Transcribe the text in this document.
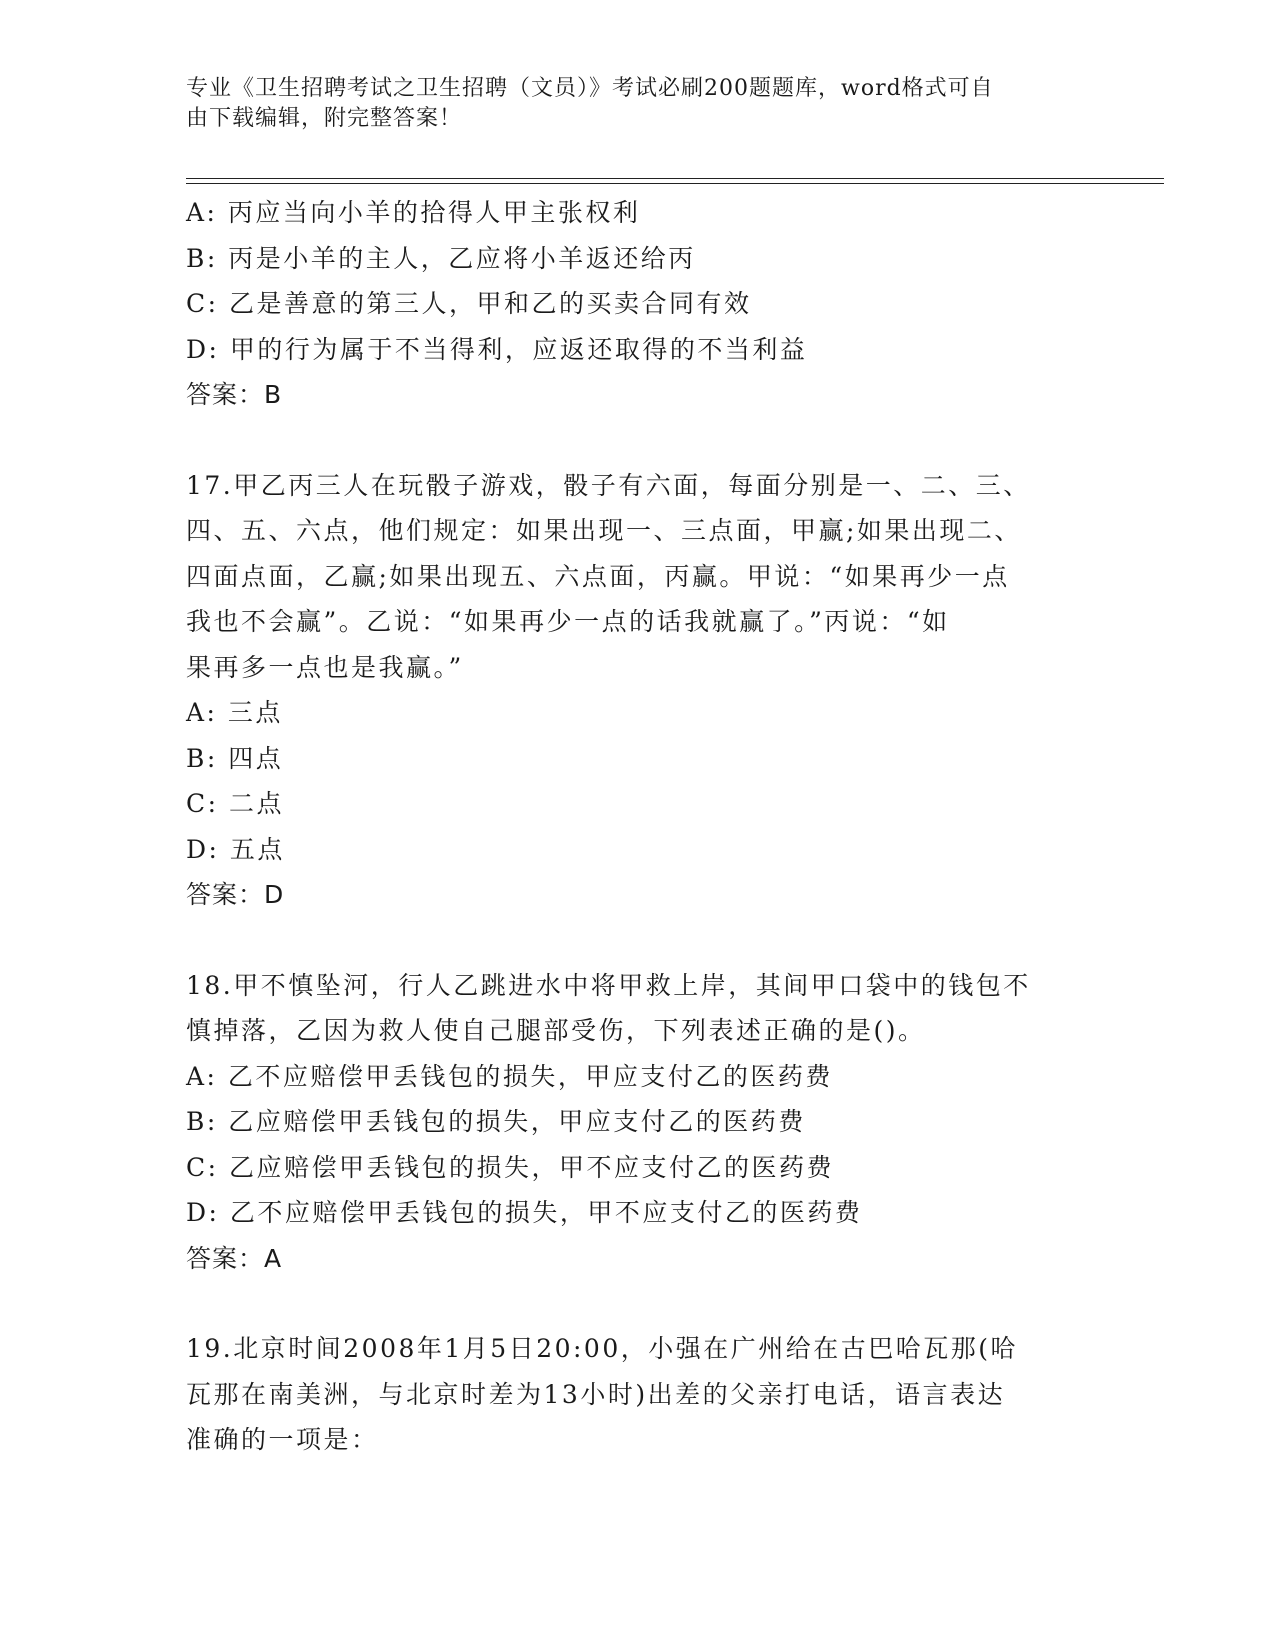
专业《卫生招聘考试之卫生招聘（文员）》考试必刷200题题库，word格式可自
由下载编辑，附完整答案！
A: 丙应当向小羊的拾得人甲主张权利
B: 丙是小羊的主人，乙应将小羊返还给丙
C: 乙是善意的第三人，甲和乙的买卖合同有效
D: 甲的行为属于不当得利，应返还取得的不当利益
答案：B
17.甲乙丙三人在玩骰子游戏，骰子有六面，每面分别是一、二、三、
四、五、六点，他们规定：如果出现一、三点面，甲赢;如果出现二、
四面点面，乙赢;如果出现五、六点面，丙赢。甲说：“如果再少一点
我也不会赢”。乙说：“如果再少一点的话我就赢了。”丙说：“如
果再多一点也是我赢。”
A: 三点
B: 四点
C: 二点
D: 五点
答案：D
18.甲不慎坠河，行人乙跳进水中将甲救上岸，其间甲口袋中的钱包不
慎掉落，乙因为救人使自己腿部受伤，下列表述正确的是()。
A: 乙不应赔偿甲丢钱包的损失，甲应支付乙的医药费
B: 乙应赔偿甲丢钱包的损失，甲应支付乙的医药费
C: 乙应赔偿甲丢钱包的损失，甲不应支付乙的医药费
D: 乙不应赔偿甲丢钱包的损失，甲不应支付乙的医药费
答案：A
19.北京时间2008年1月5日20:00，小强在广州给在古巴哈瓦那(哈
瓦那在南美洲，与北京时差为13小时)出差的父亲打电话，语言表达
准确的一项是：
